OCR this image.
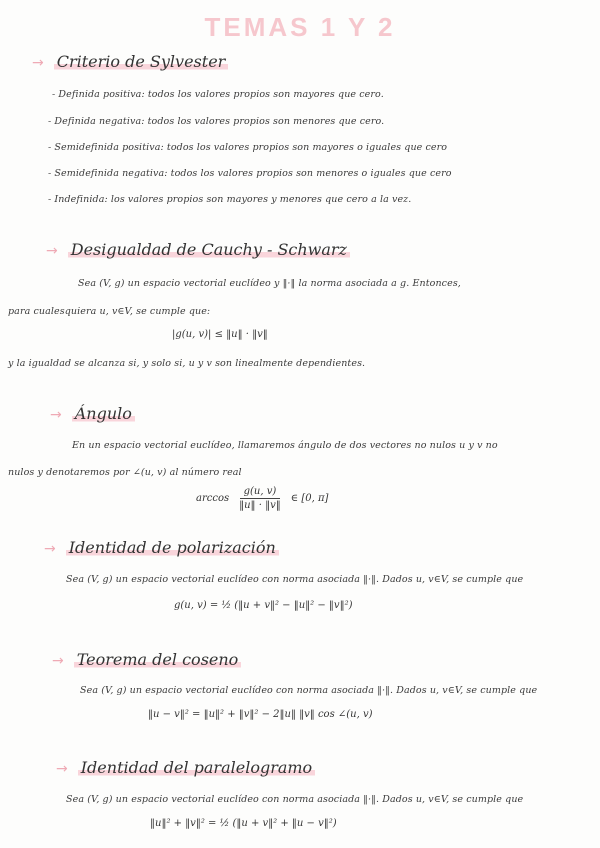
TEMAS 1 Y 2
→ Criterio de Sylvester
- Definida positiva: todos los valores propios son mayores que cero.
- Definida negativa: todos los valores propios son menores que cero.
- Semidefinida positiva: todos los valores propios son mayores o iguales que cero
- Semidefinida negativa: todos los valores propios son menores o iguales que cero
- Indefinida: los valores propios son mayores y menores que cero a la vez.
→ Desigualdad de Cauchy - Schwarz
Sea (V, g) un espacio vectorial euclídeo y ‖·‖ la norma asociada a g. Entonces,
para cualesquiera u, v∈V, se cumple que:
|g(u, v)| ≤ ‖u‖ · ‖v‖
y la igualdad se alcanza si, y solo si, u y v son linealmente dependientes.
→ Ángulo
En un espacio vectorial euclídeo, llamaremos ángulo de dos vectores no nulos u y v no
nulos y denotaremos por ∠(u, v) al número real
$\arccos \frac{g(u, v)}{‖u‖ \cdot ‖v‖}$ ∈ [0, π]
→ Identidad de polarización
Sea (V, g) un espacio vectorial euclídeo con norma asociada ‖·‖. Dados u, v∈V, se cumple que
g(u, v) = ½ (‖u + v‖² − ‖u‖² − ‖v‖²)
→ Teorema del coseno
Sea (V, g) un espacio vectorial euclídeo con norma asociada ‖·‖. Dados u, v∈V, se cumple que
‖u − v‖² = ‖u‖² + ‖v‖² − 2‖u‖ ‖v‖ cos ∠(u, v)
→ Identidad del paralelogramo
Sea (V, g) un espacio vectorial euclídeo con norma asociada ‖·‖. Dados u, v∈V, se cumple que
‖u‖² + ‖v‖² = ½ (‖u + v‖² + ‖u − v‖²)
